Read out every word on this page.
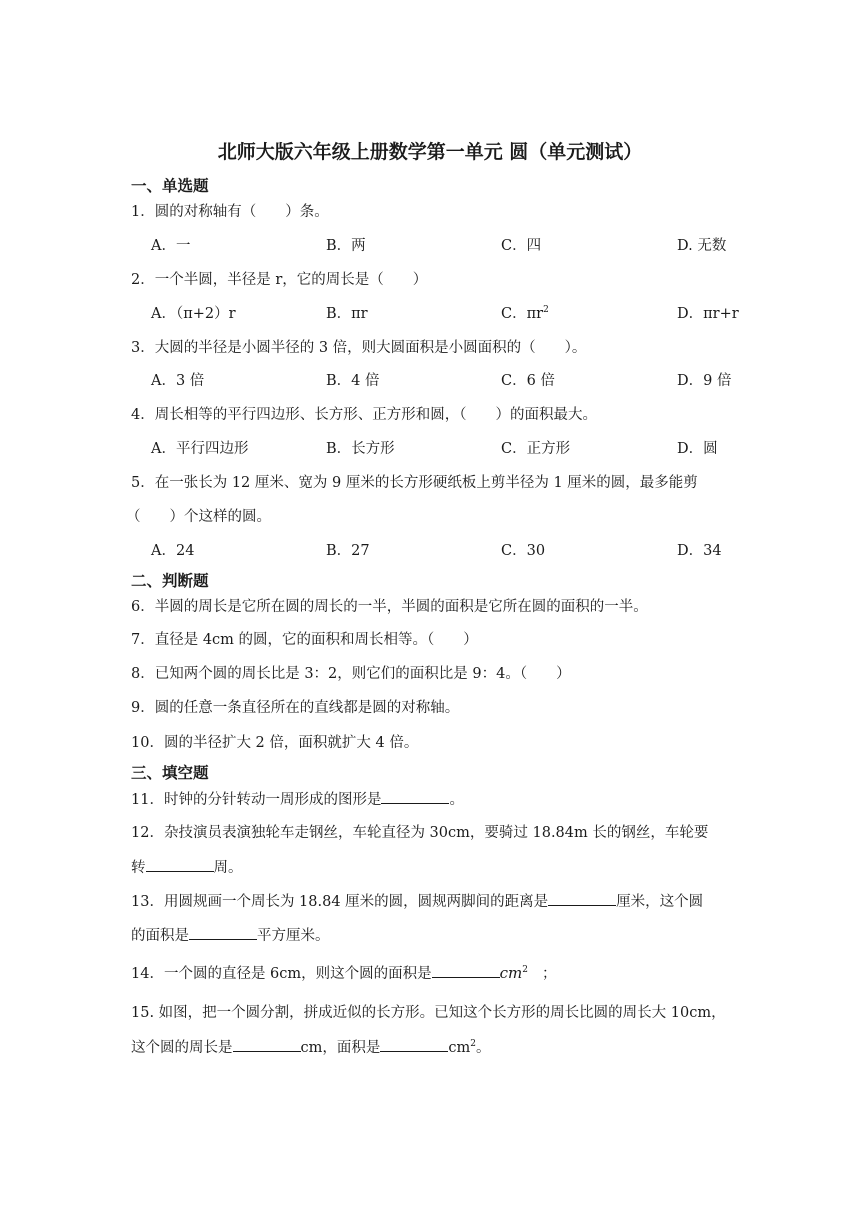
北师大版六年级上册数学第一单元 圆（单元测试）
一、单选题
1．圆的对称轴有（　　）条。
A．一	B．两	C．四	D. 无数
2．一个半圆，半径是 r，它的周长是（　　）
A．（π+2）r	B．πr	C．$\pi r^2$	D．πr+r
3．大圆的半径是小圆半径的 3 倍，则大圆面积是小圆面积的（　　）。
A．3 倍	B．4 倍	C．6 倍	D．9 倍
4．周长相等的平行四边形、长方形、正方形和圆，（　　）的面积最大。
A．平行四边形	B．长方形	C．正方形	D．圆
5．在一张长为 12 厘米、宽为 9 厘米的长方形硬纸板上剪半径为 1 厘米的圆，最多能剪
（　　）个这样的圆。
A．24	B．27	C．30	D．34
二、判断题
6．半圆的周长是它所在圆的周长的一半，半圆的面积是它所在圆的面积的一半。
7．直径是 4cm 的圆，它的面积和周长相等。（　　）
8．已知两个圆的周长比是 3：2，则它们的面积比是 9：4。（　　）
9．圆的任意一条直径所在的直线都是圆的对称轴。
10．圆的半径扩大 2 倍，面积就扩大 4 倍。
三、填空题
11．时钟的分针转动一周形成的图形是	。
12．杂技演员表演独轮车走钢丝，车轮直径为 30cm，要骑过 18.84m 长的钢丝，车轮要
转	周。
13．用圆规画一个周长为 18.84 厘米的圆，圆规两脚间的距离是	厘米，这个圆
的面积是	平方厘米。
14．一个圆的直径是 6cm，则这个圆的面积是	$cm^2$ ；
15. 如图，把一个圆分割，拼成近似的长方形。已知这个长方形的周长比圆的周长大 10cm，
这个圆的周长是	cm，面积是	$cm^2$。
